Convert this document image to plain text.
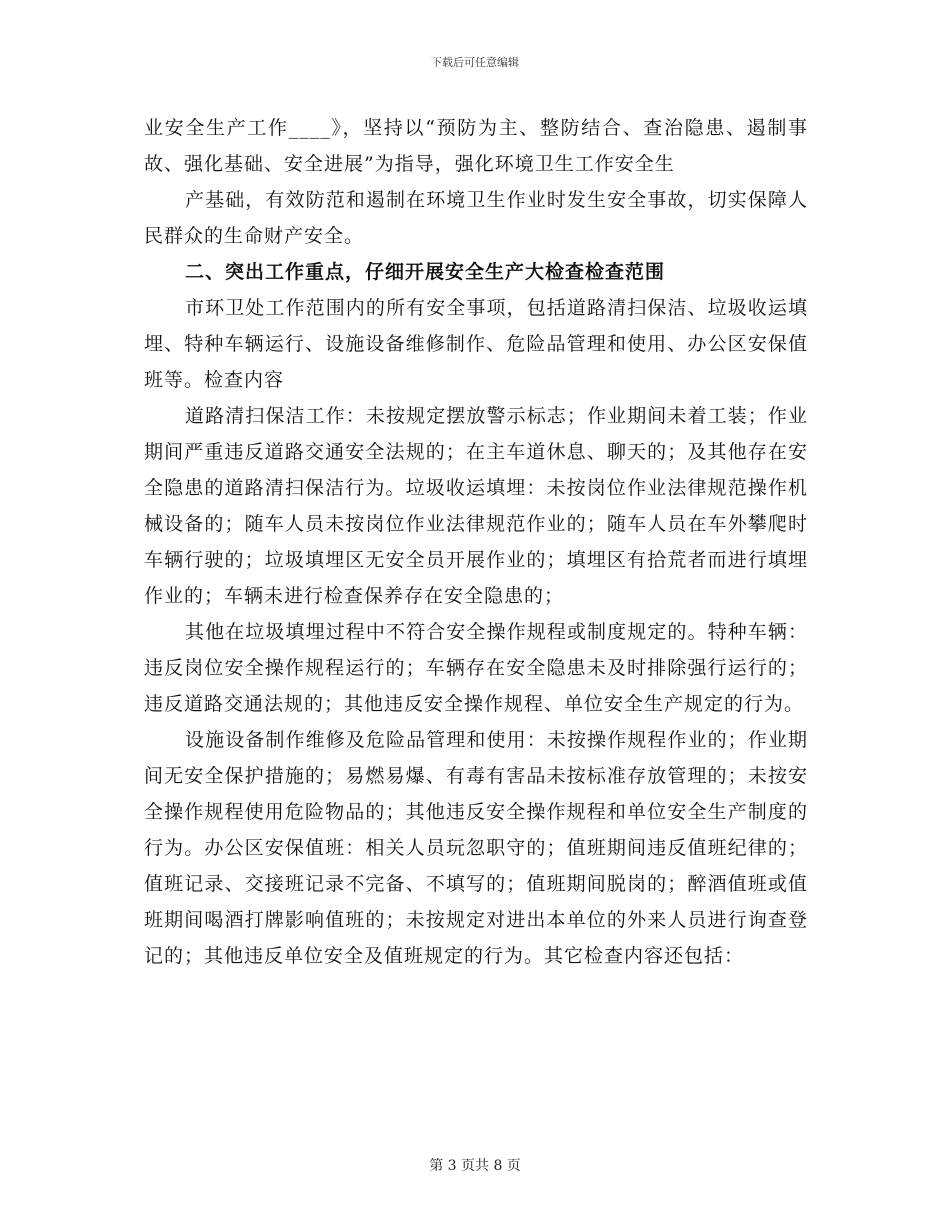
下载后可任意编辑

业安全生产工作____》，坚持以“预防为主、整防结合、查治隐患、遏制事故、强化基础、安全进展”为指导，强化环境卫生工作安全生

产基础，有效防范和遏制在环境卫生作业时发生安全事故，切实保障人民群众的生命财产安全。

二、突出工作重点，仔细开展安全生产大检查检查范围

市环卫处工作范围内的所有安全事项，包括道路清扫保洁、垃圾收运填埋、特种车辆运行、设施设备维修制作、危险品管理和使用、办公区安保值班等。检查内容

道路清扫保洁工作：未按规定摆放警示标志；作业期间未着工装；作业期间严重违反道路交通安全法规的；在主车道休息、聊天的；及其他存在安全隐患的道路清扫保洁行为。垃圾收运填埋：未按岗位作业法律规范操作机械设备的；随车人员未按岗位作业法律规范作业的；随车人员在车外攀爬时车辆行驶的；垃圾填埋区无安全员开展作业的；填埋区有拾荒者而进行填埋作业的；车辆未进行检查保养存在安全隐患的；

其他在垃圾填埋过程中不符合安全操作规程或制度规定的。特种车辆：违反岗位安全操作规程运行的；车辆存在安全隐患未及时排除强行运行的；违反道路交通法规的；其他违反安全操作规程、单位安全生产规定的行为。

设施设备制作维修及危险品管理和使用：未按操作规程作业的；作业期间无安全保护措施的；易燃易爆、有毒有害品未按标准存放管理的；未按安全操作规程使用危险物品的；其他违反安全操作规程和单位安全生产制度的行为。办公区安保值班：相关人员玩忽职守的；值班期间违反值班纪律的；值班记录、交接班记录不完备、不填写的；值班期间脱岗的；醉酒值班或值班期间喝酒打牌影响值班的；未按规定对进出本单位的外来人员进行询查登记的；其他违反单位安全及值班规定的行为。其它检查内容还包括：

第 3 页共 8 页
